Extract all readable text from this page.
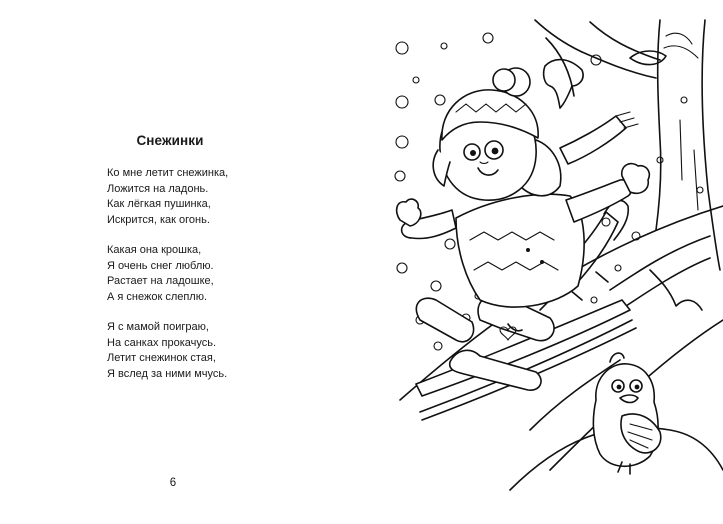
Снежинки
Ко мне летит снежинка,
Ложится на ладонь.
Как лёгкая пушинка,
Искрится, как огонь.
Какая она крошка,
Я очень снег люблю.
Растает на ладошке,
А я снежок слеплю.
Я с мамой поиграю,
На санках прокачусь.
Летит снежинок стая,
Я вслед за ними мчусь.
6
